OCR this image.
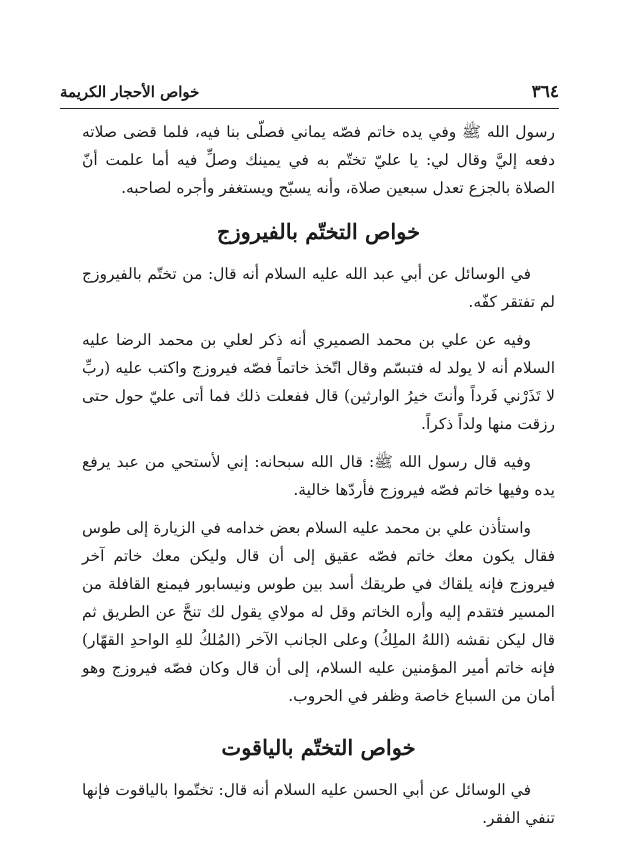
٣٦٤
خواص الأحجار الكريمة

رسول الله ﷺ وفي يده خاتم فصّه يماني فصلّى بنا فيه، فلما قضى صلاته دفعه إليَّ وقال لي: يا عليّ تختّم به في يمينك وصلِّ فيه أما علمت أنّ الصلاة بالجزع تعدل سبعين صلاة، وأنه يسبّح ويستغفر وأجره لصاحبه.

خواص التختّم بالفيروزج

في الوسائل عن أبي عبد الله عليه السلام أنه قال: من تختّم بالفيروزج لم تفتقر كفّه.

وفيه عن علي بن محمد الصميري أنه ذكر لعلي بن محمد الرضا عليه السلام أنه لا يولد له فتبسّم وقال اتّخذ خاتماً فصّه فيروزج واكتب عليه (ربِّ لا تَذَرْني فَرداً وأنتَ خيرُ الوارثين) قال ففعلت ذلك فما أتى عليّ حول حتى رزقت منها ولداً ذكراً.

وفيه قال رسول الله ﷺ: قال الله سبحانه: إني لأستحي من عبد يرفع يده وفيها خاتم فصّه فيروزج فأردّها خالية.

واستأذن علي بن محمد عليه السلام بعض خدامه في الزيارة إلى طوس فقال يكون معك خاتم فصّه عقيق إلى أن قال وليكن معك خاتم آخر فيروزج فإنه يلقاك في طريقك أسد بين طوس ونيسابور فيمنع القافلة من المسير فتقدم إليه وأره الخاتم وقل له مولاي يقول لك تنحَّ عن الطريق ثم قال ليكن نقشه (اللهُ الملِكُ) وعلى الجانب الآخر (المُلكُ للهِ الواحدِ القهّار) فإنه خاتم أمير المؤمنين عليه السلام، إلى أن قال وكان فصّه فيروزج وهو أمان من السباع خاصة وظفر في الحروب.

خواص التختّم بالياقوت

في الوسائل عن أبي الحسن عليه السلام أنه قال: تختّموا بالياقوت فإنها تنفي الفقر.
